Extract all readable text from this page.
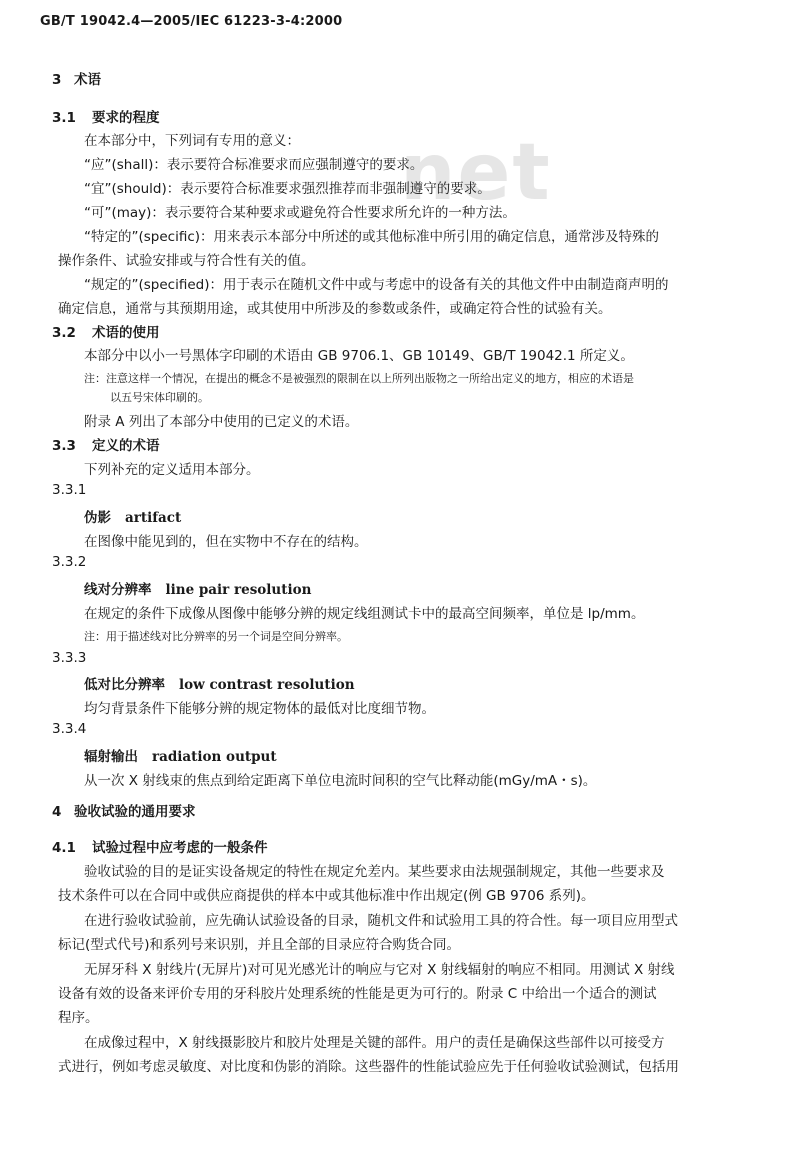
GB/T 19042.4—2005/IEC 61223-3-4:2000
net
3 术语
3.1 要求的程度
在本部分中，下列词有专用的意义：
“应”(shall)：表示要符合标准要求而应强制遵守的要求。
“宜”(should)：表示要符合标准要求强烈推荐而非强制遵守的要求。
“可”(may)：表示要符合某种要求或避免符合性要求所允许的一种方法。
“特定的”(specific)：用来表示本部分中所述的或其他标准中所引用的确定信息，通常涉及特殊的
操作条件、试验安排或与符合性有关的值。
“规定的”(specified)：用于表示在随机文件中或与考虑中的设备有关的其他文件中由制造商声明的
确定信息，通常与其预期用途，或其使用中所涉及的参数或条件，或确定符合性的试验有关。
3.2 术语的使用
本部分中以小一号黑体字印刷的术语由 GB 9706.1、GB 10149、GB/T 19042.1 所定义。
注：注意这样一个情况，在提出的概念不是被强烈的限制在以上所列出版物之一所给出定义的地方，相应的术语是
以五号宋体印刷的。
附录 A 列出了本部分中使用的已定义的术语。
3.3 定义的术语
下列补充的定义适用本部分。
3.3.1
伪影 artifact
在图像中能见到的，但在实物中不存在的结构。
3.3.2
线对分辨率 line pair resolution
在规定的条件下成像从图像中能够分辨的规定线组测试卡中的最高空间频率，单位是 lp/mm。
注：用于描述线对比分辨率的另一个词是空间分辨率。
3.3.3
低对比分辨率 low contrast resolution
均匀背景条件下能够分辨的规定物体的最低对比度细节物。
3.3.4
辐射输出 radiation output
从一次 X 射线束的焦点到给定距离下单位电流时间积的空气比释动能(mGy/mA・s)。
4 验收试验的通用要求
4.1 试验过程中应考虑的一般条件
验收试验的目的是证实设备规定的特性在规定允差内。某些要求由法规强制规定，其他一些要求及
技术条件可以在合同中或供应商提供的样本中或其他标准中作出规定(例 GB 9706 系列)。
在进行验收试验前，应先确认试验设备的目录，随机文件和试验用工具的符合性。每一项目应用型式
标记(型式代号)和系列号来识别，并且全部的目录应符合购货合同。
无屏牙科 X 射线片(无屏片)对可见光感光计的响应与它对 X 射线辐射的响应不相同。用测试 X 射线
设备有效的设备来评价专用的牙科胶片处理系统的性能是更为可行的。附录 C 中给出一个适合的测试
程序。
在成像过程中，X 射线摄影胶片和胶片处理是关键的部件。用户的责任是确保这些部件以可接受方
式进行，例如考虑灵敏度、对比度和伪影的消除。这些器件的性能试验应先于任何验收试验测试，包括用
